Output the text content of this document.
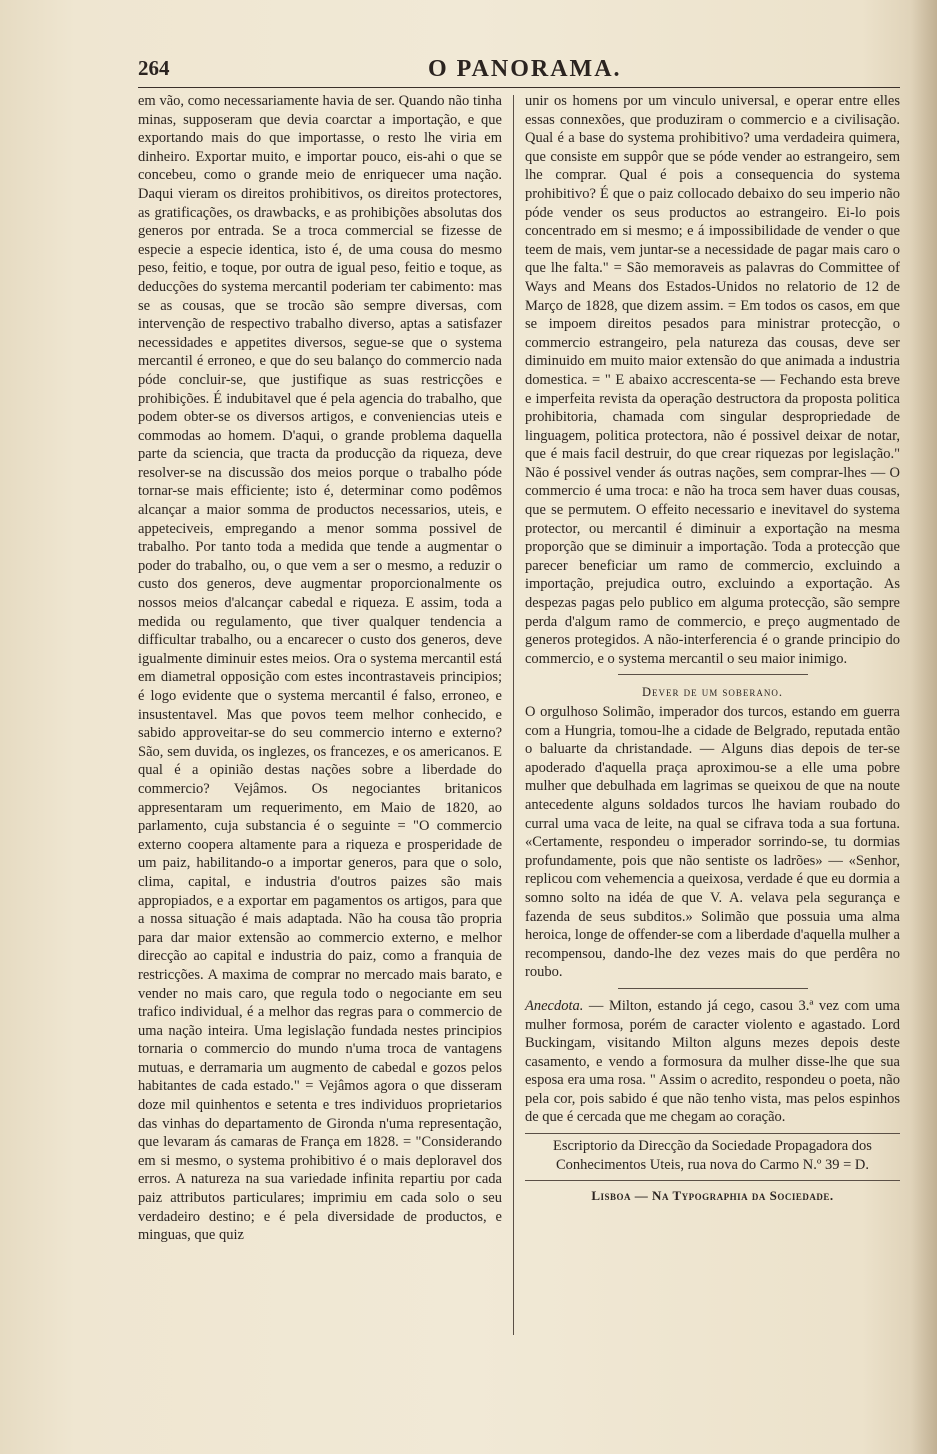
264	O PANORAMA.

em vão, como necessariamente havia de ser. Quando não tinha minas, supposeram que devia coarctar a importação, e que exportando mais do que importasse, o resto lhe viria em dinheiro. Exportar muito, e importar pouco, eis-ahi o que se concebeu, como o grande meio de enriquecer uma nação. Daqui vieram os direitos prohibitivos, os direitos protectores, as gratificações, os drawbacks, e as prohibições absolutas dos generos por entrada. Se a troca commercial se fizesse de especie a especie identica, isto é, de uma cousa do mesmo peso, feitio, e toque, por outra de igual peso, feitio e toque, as deducções do systema mercantil poderiam ter cabimento: mas se as cousas, que se trocão são sempre diversas, com intervenção de respectivo trabalho diverso, aptas a satisfazer necessidades e appetites diversos, segue-se que o systema mercantil é erroneo, e que do seu balanço do commercio nada póde concluir-se, que justifique as suas restricções e prohibições. É indubitavel que é pela agencia do trabalho, que podem obter-se os diversos artigos, e conveniencias uteis e commodas ao homem. D'aqui, o grande problema daquella parte da sciencia, que tracta da producção da riqueza, deve resolver-se na discussão dos meios porque o trabalho póde tornar-se mais efficiente; isto é, determinar como podêmos alcançar a maior somma de productos necessarios, uteis, e appeteciveis, empregando a menor somma possivel de trabalho. Por tanto toda a medida que tende a augmentar o poder do trabalho, ou, o que vem a ser o mesmo, a reduzir o custo dos generos, deve augmentar proporcionalmente os nossos meios d'alcançar cabedal e riqueza. E assim, toda a medida ou regulamento, que tiver qualquer tendencia a difficultar trabalho, ou a encarecer o custo dos generos, deve igualmente diminuir estes meios. Ora o systema mercantil está em diametral opposição com estes incontrastaveis principios; é logo evidente que o systema mercantil é falso, erroneo, e insustentavel. Mas que povos teem melhor conhecido, e sabido approveitar-se do seu commercio interno e externo? São, sem duvida, os inglezes, os francezes, e os americanos. E qual é a opinião destas nações sobre a liberdade do commercio? Vejâmos. Os negociantes britanicos appresentaram um requerimento, em Maio de 1820, ao parlamento, cuja substancia é o seguinte = "O commercio externo coopera altamente para a riqueza e prosperidade de um paiz, habilitando-o a importar generos, para que o solo, clima, capital, e industria d'outros paizes são mais appropiados, e a exportar em pagamentos os artigos, para que a nossa situação é mais adaptada. Não ha cousa tão propria para dar maior extensão ao commercio externo, e melhor direcção ao capital e industria do paiz, como a franquia de restricções. A maxima de comprar no mercado mais barato, e vender no mais caro, que regula todo o negociante em seu trafico individual, é a melhor das regras para o commercio de uma nação inteira. Uma legislação fundada nestes principios tornaria o commercio do mundo n'uma troca de vantagens mutuas, e derramaria um augmento de cabedal e gozos pelos habitantes de cada estado." = Vejâmos agora o que disseram doze mil quinhentos e setenta e tres individuos proprietarios das vinhas do departamento de Gironda n'uma representação, que levaram ás camaras de França em 1828. = "Considerando em si mesmo, o systema prohibitivo é o mais deploravel dos erros. A natureza na sua variedade infinita repartiu por cada paiz attributos particulares; imprimiu em cada solo o seu verdadeiro destino; e é pela diversidade de productos, e minguas, que quiz

unir os homens por um vinculo universal, e operar entre elles essas connexões, que produziram o commercio e a civilisação. Qual é a base do systema prohibitivo? uma verdadeira quimera, que consiste em suppôr que se póde vender ao estrangeiro, sem lhe comprar. Qual é pois a consequencia do systema prohibitivo? É que o paiz collocado debaixo do seu imperio não póde vender os seus productos ao estrangeiro. Ei-lo pois concentrado em si mesmo; e á impossibilidade de vender o que teem de mais, vem juntar-se a necessidade de pagar mais caro o que lhe falta." = São memoraveis as palavras do Committee of Ways and Means dos Estados-Unidos no relatorio de 12 de Março de 1828, que dizem assim. = Em todos os casos, em que se impoem direitos pesados para ministrar protecção, o commercio estrangeiro, pela natureza das cousas, deve ser diminuido em muito maior extensão do que animada a industria domestica. = " E abaixo accrescenta-se — Fechando esta breve e imperfeita revista da operação destructora da proposta politica prohibitoria, chamada com singular despropriedade de linguagem, politica protectora, não é possivel deixar de notar, que é mais facil destruir, do que crear riquezas por legislação." Não é possivel vender ás outras nações, sem comprar-lhes — O commercio é uma troca: e não ha troca sem haver duas cousas, que se permutem. O effeito necessario e inevitavel do systema protector, ou mercantil é diminuir a exportação na mesma proporção que se diminuir a importação. Toda a protecção que parecer beneficiar um ramo de commercio, excluindo a importação, prejudica outro, excluindo a exportação. As despezas pagas pelo publico em alguma protecção, são sempre perda d'algum ramo de commercio, e preço augmentado de generos protegidos. A não-interferencia é o grande principio do commercio, e o systema mercantil o seu maior inimigo.

Dever de um soberano.

O orgulhoso Solimão, imperador dos turcos, estando em guerra com a Hungria, tomou-lhe a cidade de Belgrado, reputada então o baluarte da christandade. — Alguns dias depois de ter-se apoderado d'aquella praça aproximou-se a elle uma pobre mulher que debulhada em lagrimas se queixou de que na noute antecedente alguns soldados turcos lhe haviam roubado do curral uma vaca de leite, na qual se cifrava toda a sua fortuna. «Certamente, respondeu o imperador sorrindo-se, tu dormias profundamente, pois que não sentiste os ladrões» — «Senhor, replicou com vehemencia a queixosa, verdade é que eu dormia a somno solto na idéa de que V. A. velava pela segurança e fazenda de seus subditos.» Solimão que possuia uma alma heroica, longe de offender-se com a liberdade d'aquella mulher a recompensou, dando-lhe dez vezes mais do que perdêra no roubo.

Anecdota. — Milton, estando já cego, casou 3.ª vez com uma mulher formosa, porém de caracter violento e agastado. Lord Buckingam, visitando Milton alguns mezes depois deste casamento, e vendo a formosura da mulher disse-lhe que sua esposa era uma rosa. " Assim o acredito, respondeu o poeta, não pela cor, pois sabido é que não tenho vista, mas pelos espinhos de que é cercada que me chegam ao coração.

Escriptorio da Direcção da Sociedade Propagadora dos Conhecimentos Uteis, rua nova do Carmo N.º 39 = D.
Lisboa — Na Typographia da Sociedade.
